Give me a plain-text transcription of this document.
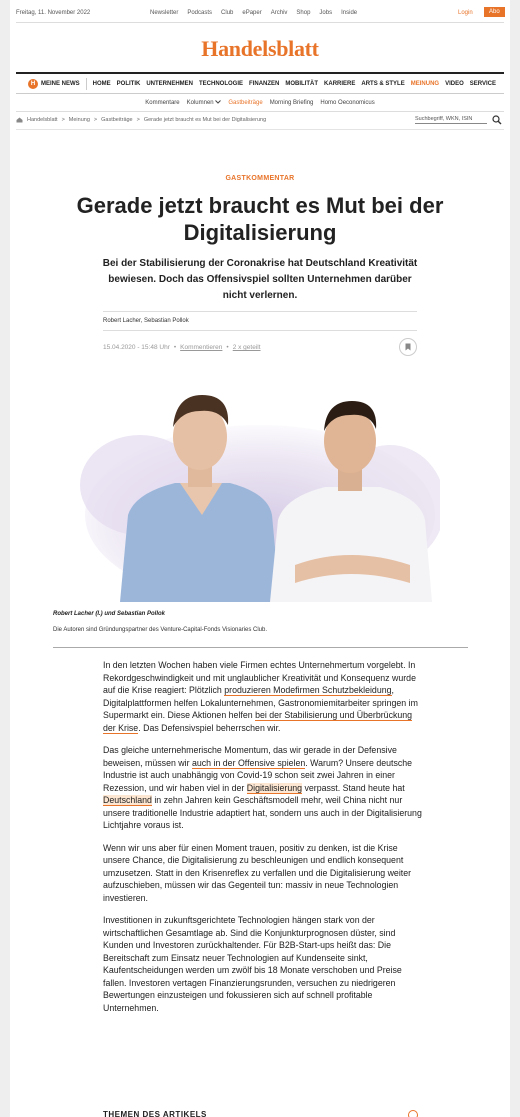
Freitag, 11. November 2022	Newsletter Podcasts Club ePaper Archiv Shop Jobs Inside	Login	Abo
Handelsblatt
H MEINE NEWS HOME POLITIK UNTERNEHMEN TECHNOLOGIE FINANZEN MOBILITÄT KARRIERE ARTS & STYLE MEINUNG VIDEO SERVICE
Kommentare Kolumnen	Gastbeiträge Morning Briefing Homo Oeconomicus
Handelsblatt > Meinung > Gastbeiträge > Gerade jetzt braucht es Mut bei der Digitalisierung	Suchbegriff, WKN, ISIN
GASTKOMMENTAR
Gerade jetzt braucht es Mut bei der Digitalisierung
Bei der Stabilisierung der Coronakrise hat Deutschland Kreativität bewiesen. Doch das Offensivspiel sollten Unternehmen darüber nicht verlernen.
Robert Lacher, Sebastian Pollok
15.04.2020 - 15:48 Uhr • Kommentieren • 2 x geteilt
Robert Lacher (l.) und Sebastian Pollok
Die Autoren sind Gründungspartner des Venture-Capital-Fonds Visionaries Club.

In den letzten Wochen haben viele Firmen echtes Unternehmertum vorgelebt. In Rekordgeschwindigkeit und mit unglaublicher Kreativität und Konsequenz wurde auf die Krise reagiert: Plötzlich produzieren Modefirmen Schutzbekleidung, Digitalplattformen helfen Lokalunternehmen, Gastronomiemitarbeiter springen im Supermarkt ein. Diese Aktionen helfen bei der Stabilisierung und Überbrückung der Krise. Das Defensivspiel beherrschen wir.

Das gleiche unternehmerische Momentum, das wir gerade in der Defensive beweisen, müssen wir auch in der Offensive spielen. Warum? Unsere deutsche Industrie ist auch unabhängig von Covid-19 schon seit zwei Jahren in einer Rezession, und wir haben viel in der Digitalisierung verpasst. Stand heute hat Deutschland in zehn Jahren kein Geschäftsmodell mehr, weil China nicht nur unsere traditionelle Industrie adaptiert hat, sondern uns auch in der Digitalisierung Lichtjahre voraus ist.

Wenn wir uns aber für einen Moment trauen, positiv zu denken, ist die Krise unsere Chance, die Digitalisierung zu beschleunigen und endlich konsequent umzusetzen. Statt in den Krisenreflex zu verfallen und die Digitalisierung weiter aufzuschieben, müssen wir das Gegenteil tun: massiv in neue Technologien investieren.

Investitionen in zukunftsgerichtete Technologien hängen stark von der wirtschaftlichen Gesamtlage ab. Sind die Konjunkturprognosen düster, sind Kunden und Investoren zurückhaltender. Für B2B-Start-ups heißt das: Die Bereitschaft zum Einsatz neuer Technologien auf Kundenseite sinkt, Kaufentscheidungen werden um zwölf bis 18 Monate verschoben und Preise fallen. Investoren vertagen Finanzierungsrunden, versuchen zu niedrigeren Bewertungen einzusteigen und fokussieren sich auf schnell profitable Unternehmen.

THEMEN DES ARTIKELS
